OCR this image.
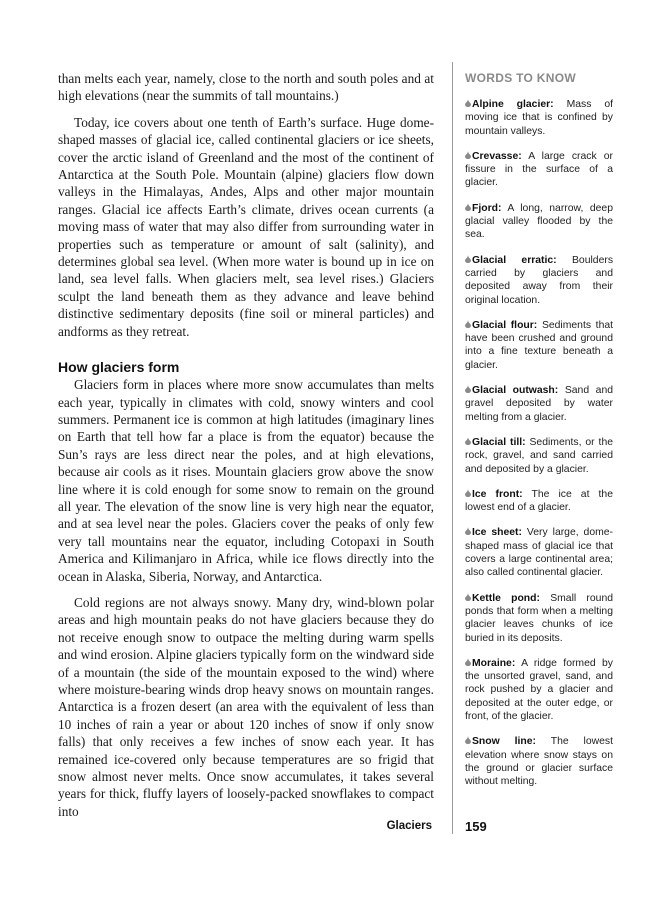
than melts each year, namely, close to the north and south poles and at high elevations (near the summits of tall mountains.)

Today, ice covers about one tenth of Earth’s surface. Huge dome-shaped masses of glacial ice, called continental glaciers or ice sheets, cover the arctic island of Greenland and the most of the continent of Antarctica at the South Pole. Mountain (alpine) glaciers flow down valleys in the Himalayas, Andes, Alps and other major mountain ranges. Glacial ice affects Earth’s climate, drives ocean currents (a moving mass of water that may also differ from surrounding water in properties such as temperature or amount of salt (salinity), and determines global sea level. (When more water is bound up in ice on land, sea level falls. When glaciers melt, sea level rises.) Glaciers sculpt the land beneath them as they advance and leave behind distinctive sedimentary deposits (fine soil or mineral particles) and andforms as they retreat.

How glaciers form

Glaciers form in places where more snow accumulates than melts each year, typically in climates with cold, snowy winters and cool summers. Permanent ice is common at high latitudes (imaginary lines on Earth that tell how far a place is from the equator) because the Sun’s rays are less direct near the poles, and at high elevations, because air cools as it rises. Mountain glaciers grow above the snow line where it is cold enough for some snow to remain on the ground all year. The elevation of the snow line is very high near the equator, and at sea level near the poles. Glaciers cover the peaks of only few very tall mountains near the equator, including Cotopaxi in South America and Kilimanjaro in Africa, while ice flows directly into the ocean in Alaska, Siberia, Norway, and Antarctica.

Cold regions are not always snowy. Many dry, wind-blown polar areas and high mountain peaks do not have glaciers because they do not receive enough snow to outpace the melting during warm spells and wind erosion. Alpine glaciers typically form on the windward side of a mountain (the side of the mountain exposed to the wind) where where moisture-bearing winds drop heavy snows on mountain ranges. Antarctica is a frozen desert (an area with the equivalent of less than 10 inches of rain a year or about 120 inches of snow if only snow falls) that only receives a few inches of snow each year. It has remained ice-covered only because temperatures are so frigid that snow almost never melts. Once snow accumulates, it takes several years for thick, fluffy layers of loosely-packed snowflakes to compact into

WORDS TO KNOW
Alpine glacier: Mass of moving ice that is confined by mountain valleys.
Crevasse: A large crack or fissure in the surface of a glacier.
Fjord: A long, narrow, deep glacial valley flooded by the sea.
Glacial erratic: Boulders carried by glaciers and deposited away from their original location.
Glacial flour: Sediments that have been crushed and ground into a fine texture beneath a glacier.
Glacial outwash: Sand and gravel deposited by water melting from a glacier.
Glacial till: Sediments, or the rock, gravel, and sand carried and deposited by a glacier.
Ice front: The ice at the lowest end of a glacier.
Ice sheet: Very large, dome-shaped mass of glacial ice that covers a large continental area; also called continental glacier.
Kettle pond: Small round ponds that form when a melting glacier leaves chunks of ice buried in its deposits.
Moraine: A ridge formed by the unsorted gravel, sand, and rock pushed by a glacier and deposited at the outer edge, or front, of the glacier.
Snow line: The lowest elevation where snow stays on the ground or glacier surface without melting.
Glaciers	159
